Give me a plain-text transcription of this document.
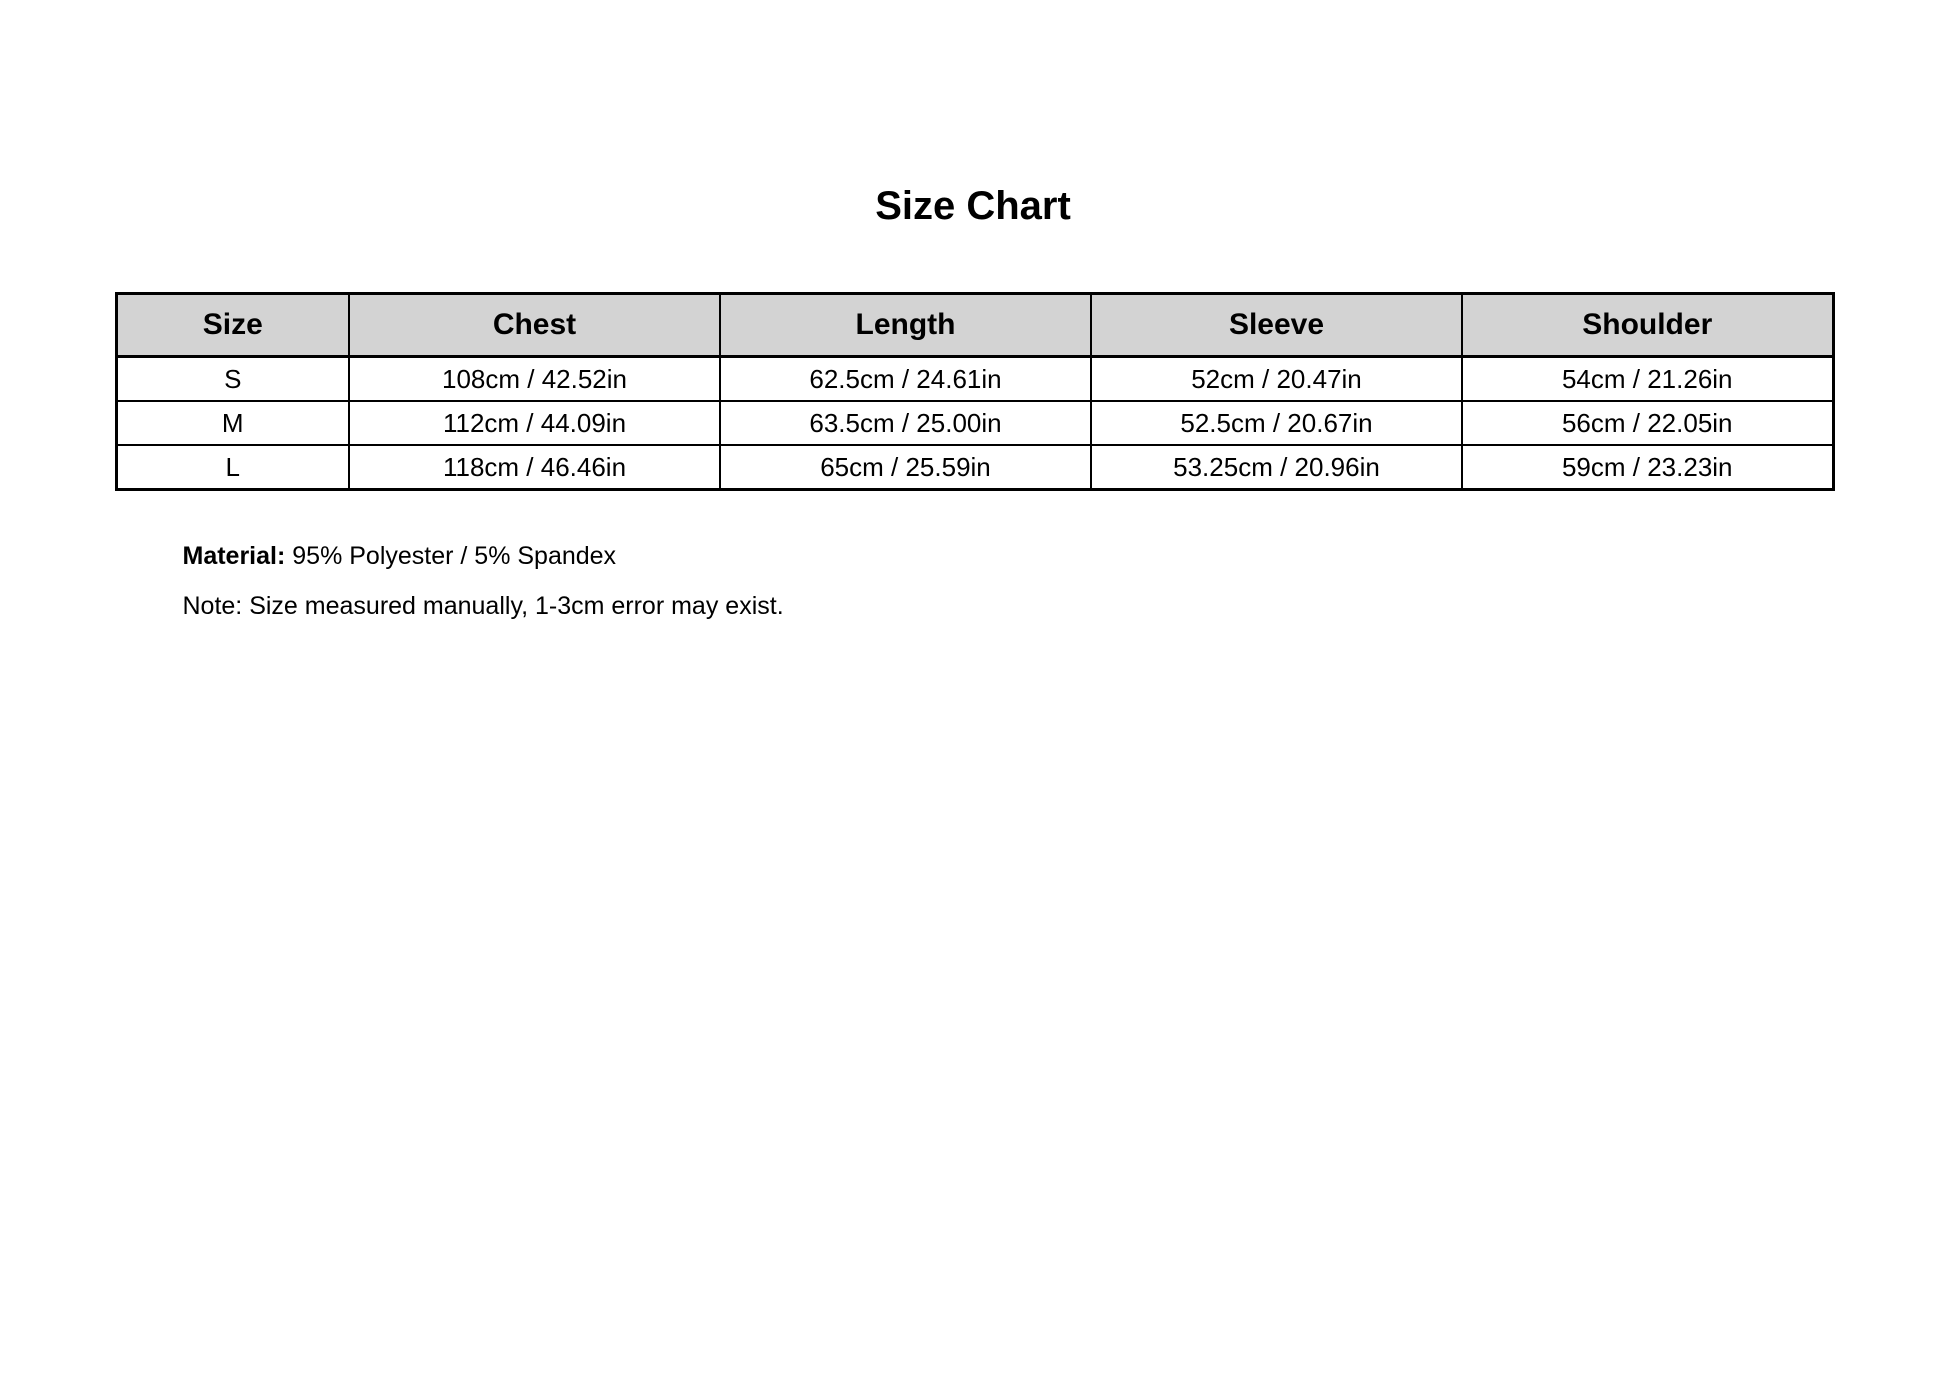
Size Chart
Size	Chest	Length	Sleeve	Shoulder
S	108cm / 42.52in	62.5cm / 24.61in	52cm / 20.47in	54cm / 21.26in
M	112cm / 44.09in	63.5cm / 25.00in	52.5cm / 20.67in	56cm / 22.05in
L	118cm / 46.46in	65cm / 25.59in	53.25cm / 20.96in	59cm / 23.23in

Material: 95% Polyester / 5% Spandex

Note: Size measured manually, 1-3cm error may exist.
